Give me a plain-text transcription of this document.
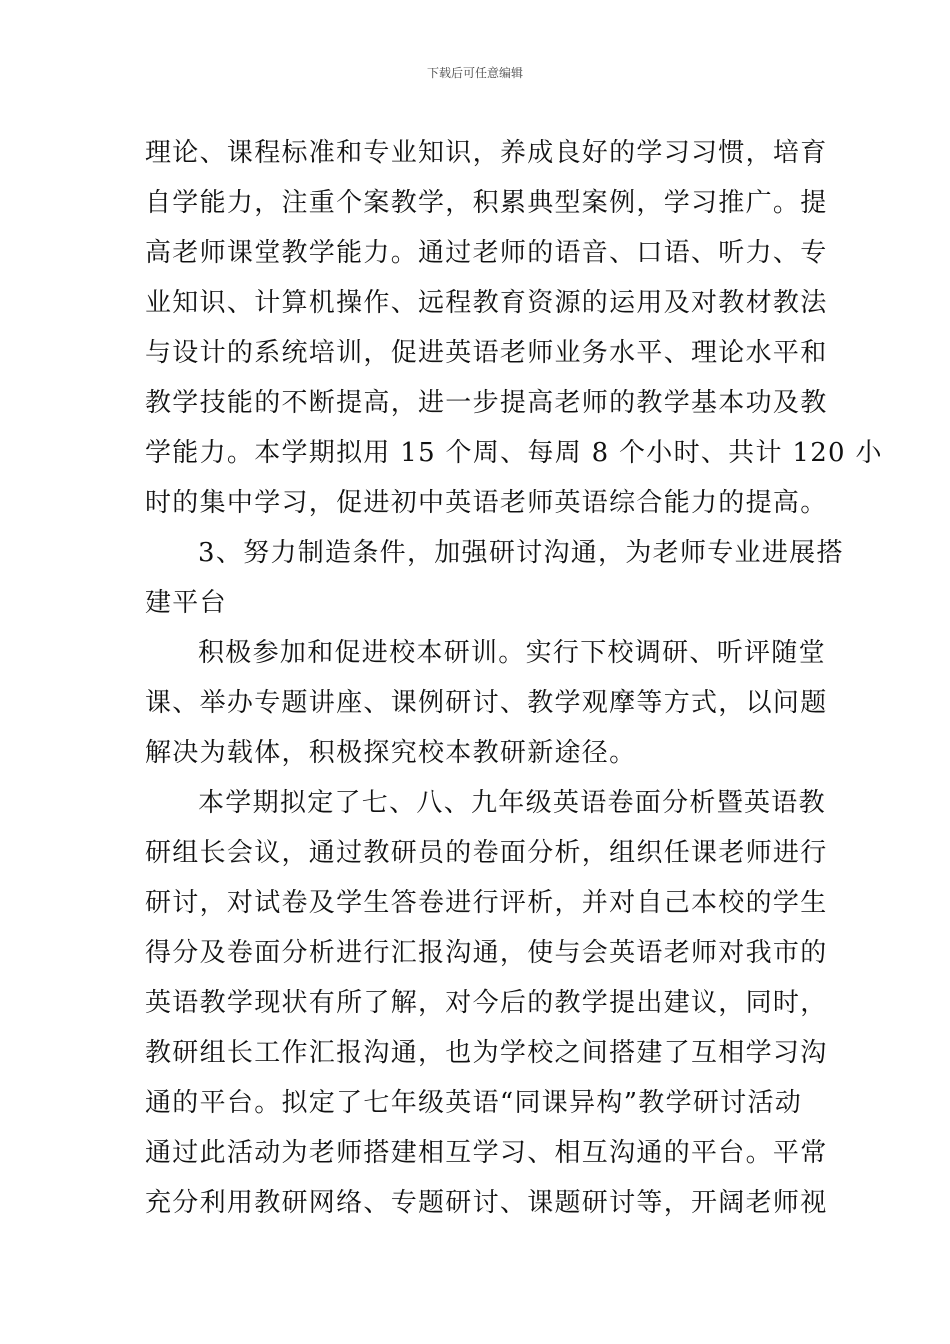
下载后可任意编辑
理论、课程标准和专业知识，养成良好的学习习惯，培育
自学能力，注重个案教学，积累典型案例，学习推广。提
高老师课堂教学能力。通过老师的语音、口语、听力、专
业知识、计算机操作、远程教育资源的运用及对教材教法
与设计的系统培训，促进英语老师业务水平、理论水平和
教学技能的不断提高，进一步提高老师的教学基本功及教
学能力。本学期拟用 15 个周、每周 8 个小时、共计 120 小
时的集中学习，促进初中英语老师英语综合能力的提高。
3、努力制造条件，加强研讨沟通，为老师专业进展搭
建平台
积极参加和促进校本研训。实行下校调研、听评随堂
课、举办专题讲座、课例研讨、教学观摩等方式，以问题
解决为载体，积极探究校本教研新途径。
本学期拟定了七、八、九年级英语卷面分析暨英语教
研组长会议，通过教研员的卷面分析，组织任课老师进行
研讨，对试卷及学生答卷进行评析，并对自己本校的学生
得分及卷面分析进行汇报沟通，使与会英语老师对我市的
英语教学现状有所了解，对今后的教学提出建议，同时，
教研组长工作汇报沟通，也为学校之间搭建了互相学习沟
通的平台。拟定了七年级英语“同课异构”教学研讨活动
通过此活动为老师搭建相互学习、相互沟通的平台。平常
充分利用教研网络、专题研讨、课题研讨等，开阔老师视
